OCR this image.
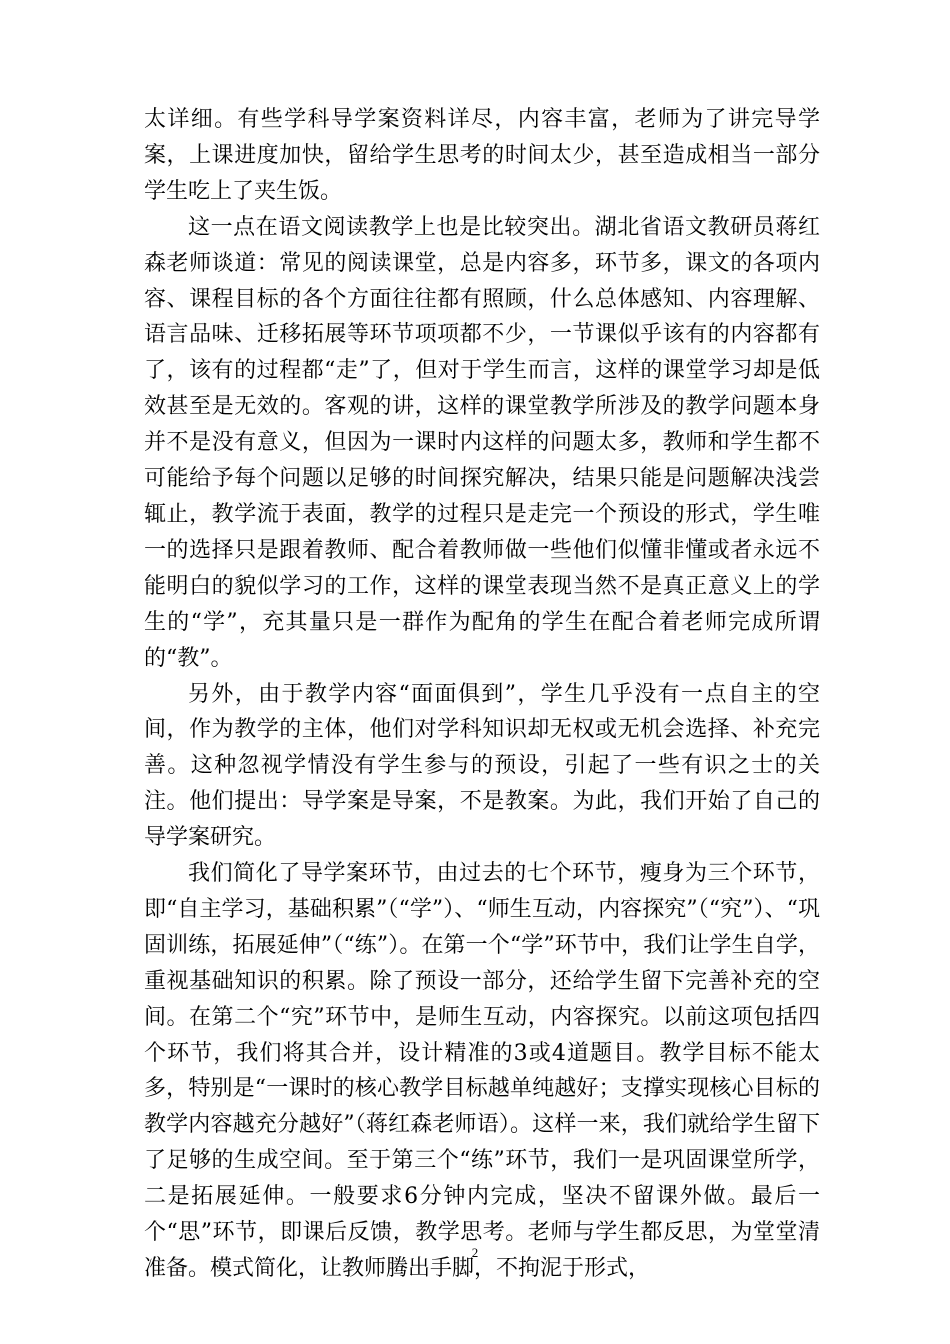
太详细。有些学科导学案资料详尽，内容丰富，老师为了讲完导学案，上课进度加快，留给学生思考的时间太少，甚至造成相当一部分学生吃上了夹生饭。

这一点在语文阅读教学上也是比较突出。湖北省语文教研员蒋红森老师谈道：常见的阅读课堂，总是内容多，环节多，课文的各项内容、课程目标的各个方面往往都有照顾，什么总体感知、内容理解、语言品味、迁移拓展等环节项项都不少，一节课似乎该有的内容都有了，该有的过程都“走”了，但对于学生而言，这样的课堂学习却是低效甚至是无效的。客观的讲，这样的课堂教学所涉及的教学问题本身并不是没有意义，但因为一课时内这样的问题太多，教师和学生都不可能给予每个问题以足够的时间探究解决，结果只能是问题解决浅尝辄止，教学流于表面，教学的过程只是走完一个预设的形式，学生唯一的选择只是跟着教师、配合着教师做一些他们似懂非懂或者永远不能明白的貌似学习的工作，这样的课堂表现当然不是真正意义上的学生的“学”，充其量只是一群作为配角的学生在配合着老师完成所谓的“教”。

另外，由于教学内容“面面俱到”，学生几乎没有一点自主的空间，作为教学的主体，他们对学科知识却无权或无机会选择、补充完善。这种忽视学情没有学生参与的预设，引起了一些有识之士的关注。他们提出：导学案是导案，不是教案。为此，我们开始了自己的导学案研究。

我们简化了导学案环节，由过去的七个环节，瘦身为三个环节，即“自主学习，基础积累”（“学”）、“师生互动，内容探究”（“究”）、“巩固训练，拓展延伸”（“练”）。在第一个“学”环节中，我们让学生自学，重视基础知识的积累。除了预设一部分，还给学生留下完善补充的空间。在第二个“究”环节中，是师生互动，内容探究。以前这项包括四个环节，我们将其合并，设计精准的3或4道题目。教学目标不能太多，特别是“一课时的核心教学目标越单纯越好；支撑实现核心目标的教学内容越充分越好”（蒋红森老师语）。这样一来，我们就给学生留下了足够的生成空间。至于第三个“练”环节，我们一是巩固课堂所学，二是拓展延伸。一般要求6分钟内完成，坚决不留课外做。最后一个“思”环节，即课后反馈，教学思考。老师与学生都反思，为堂堂清准备。模式简化，让教师腾出手脚，不拘泥于形式，

2
